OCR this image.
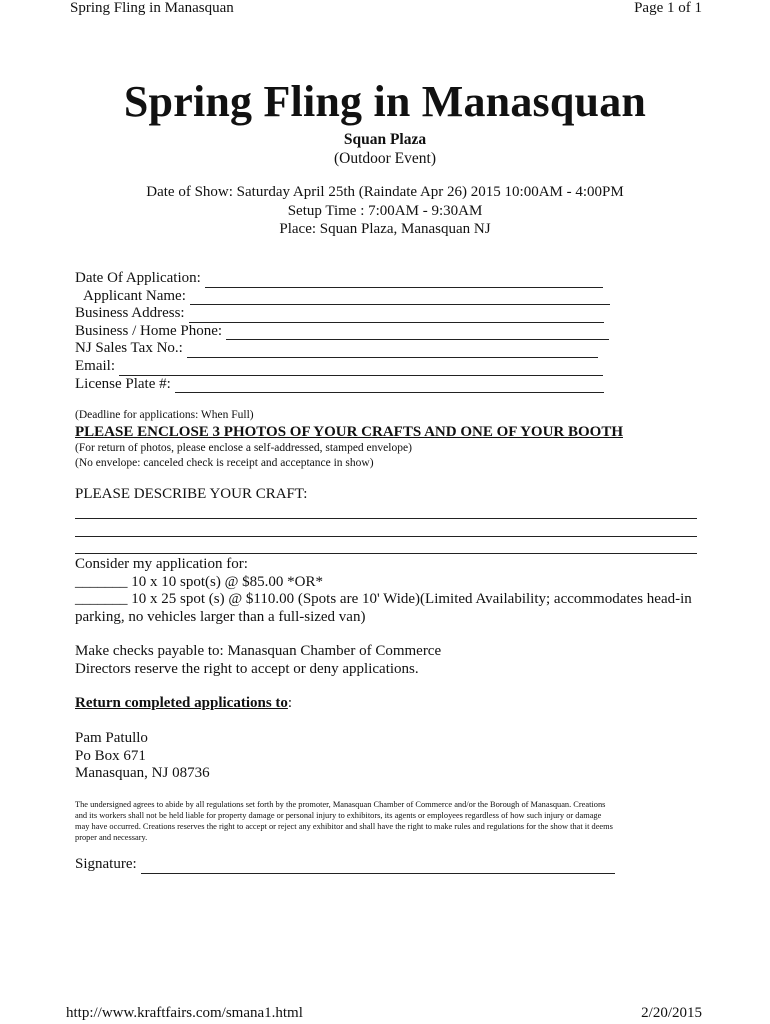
Spring Fling in Manasquan	Page 1 of 1
Spring Fling in Manasquan
Squan Plaza
(Outdoor Event)
Date of Show: Saturday April 25th (Raindate Apr 26) 2015 10:00AM - 4:00PM
Setup Time : 7:00AM - 9:30AM
Place: Squan Plaza, Manasquan NJ
Date Of Application:
Applicant Name:
Business Address:
Business / Home Phone:
NJ Sales Tax No.:
Email:
License Plate #:
(Deadline for applications: When Full)
PLEASE ENCLOSE 3 PHOTOS OF YOUR CRAFTS AND ONE OF YOUR BOOTH
(For return of photos, please enclose a self-addressed, stamped envelope)
(No envelope: canceled check is receipt and acceptance in show)
PLEASE DESCRIBE YOUR CRAFT:
Consider my application for:
_______ 10 x 10 spot(s) @ $85.00 *OR*
_______ 10 x 25 spot (s) @ $110.00 (Spots are 10' Wide)(Limited Availability; accommodates head-in
parking, no vehicles larger than a full-sized van)
Make checks payable to: Manasquan Chamber of Commerce
Directors reserve the right to accept or deny applications.
Return completed applications to:
Pam Patullo
Po Box 671
Manasquan, NJ 08736
The undersigned agrees to abide by all regulations set forth by the promoter, Manasquan Chamber of Commerce and/or the Borough of Manasquan. Creations
and its workers shall not be held liable for property damage or personal injury to exhibitors, its agents or employees regardless of how such injury or damage
may have occurred. Creations reserves the right to accept or reject any exhibitor and shall have the right to make rules and regulations for the show that it deems
proper and necessary.
Signature:
http://www.kraftfairs.com/smana1.html	2/20/2015
